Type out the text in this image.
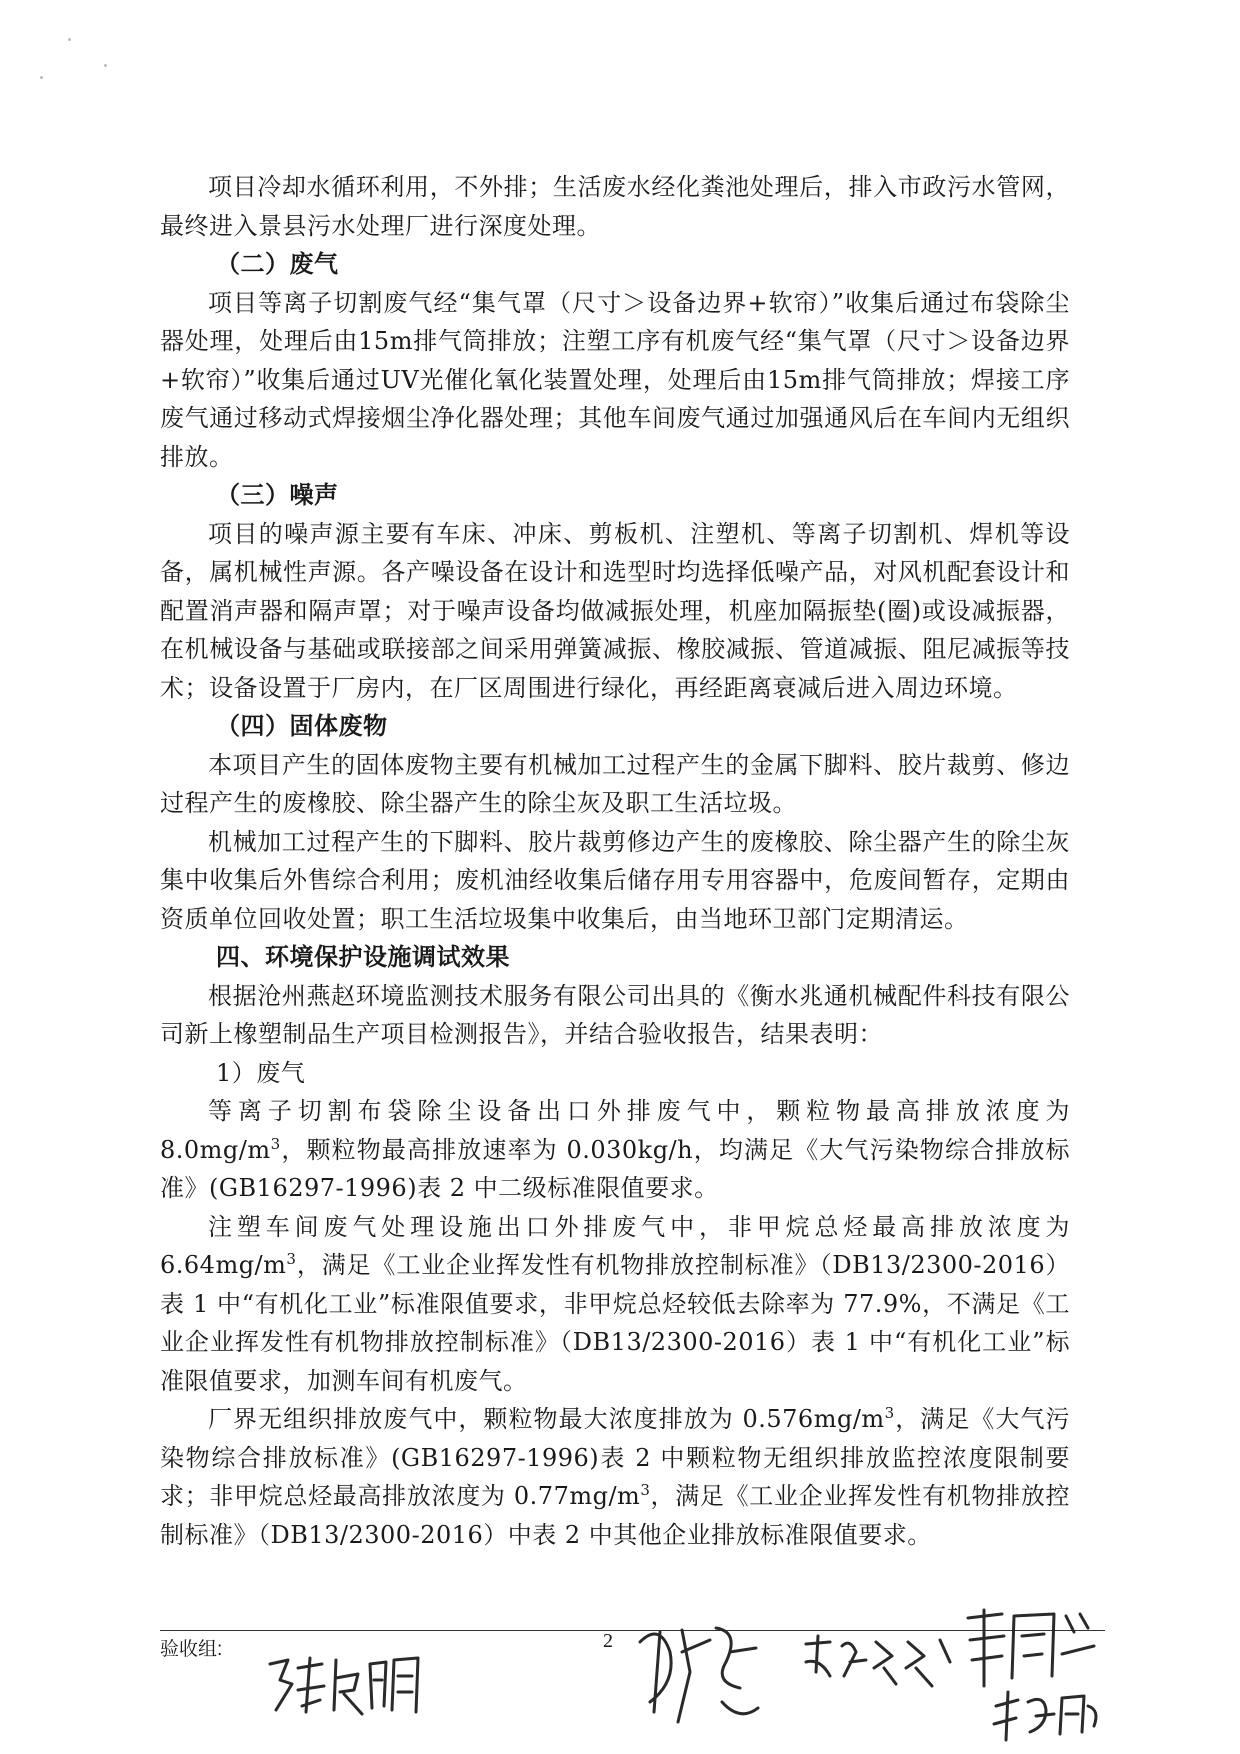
项目冷却水循环利用，不外排；生活废水经化粪池处理后，排入市政污水管网，最终进入景县污水处理厂进行深度处理。

（二）废气

项目等离子切割废气经“集气罩（尺寸＞设备边界+软帘）”收集后通过布袋除尘器处理，处理后由15m排气筒排放；注塑工序有机废气经“集气罩（尺寸＞设备边界+软帘）”收集后通过UV光催化氧化装置处理，处理后由15m排气筒排放；焊接工序废气通过移动式焊接烟尘净化器处理；其他车间废气通过加强通风后在车间内无组织排放。

（三）噪声

项目的噪声源主要有车床、冲床、剪板机、注塑机、等离子切割机、焊机等设备，属机械性声源。各产噪设备在设计和选型时均选择低噪产品，对风机配套设计和配置消声器和隔声罩；对于噪声设备均做减振处理，机座加隔振垫(圈)或设减振器，在机械设备与基础或联接部之间采用弹簧减振、橡胶减振、管道减振、阻尼减振等技术；设备设置于厂房内，在厂区周围进行绿化，再经距离衰减后进入周边环境。

（四）固体废物

本项目产生的固体废物主要有机械加工过程产生的金属下脚料、胶片裁剪、修边过程产生的废橡胶、除尘器产生的除尘灰及职工生活垃圾。

机械加工过程产生的下脚料、胶片裁剪修边产生的废橡胶、除尘器产生的除尘灰集中收集后外售综合利用；废机油经收集后储存用专用容器中，危废间暂存，定期由资质单位回收处置；职工生活垃圾集中收集后，由当地环卫部门定期清运。

四、环境保护设施调试效果

根据沧州燕赵环境监测技术服务有限公司出具的《衡水兆通机械配件科技有限公司新上橡塑制品生产项目检测报告》，并结合验收报告，结果表明：

1）废气

等离子切割布袋除尘设备出口外排废气中，颗粒物最高排放浓度为 $8.0mg/m^3$，颗粒物最高排放速率为 0.030kg/h，均满足《大气污染物综合排放标准》(GB16297-1996)表 2 中二级标准限值要求。

注塑车间废气处理设施出口外排废气中，非甲烷总烃最高排放浓度为 $6.64mg/m^3$，满足《工业企业挥发性有机物排放控制标准》（DB13/2300-2016）表 1 中“有机化工业”标准限值要求，非甲烷总烃较低去除率为 77.9%，不满足《工业企业挥发性有机物排放控制标准》（DB13/2300-2016）表 1 中“有机化工业”标准限值要求，加测车间有机废气。

厂界无组织排放废气中，颗粒物最大浓度排放为 $0.576mg/m^3$，满足《大气污染物综合排放标准》(GB16297-1996)表 2 中颗粒物无组织排放监控浓度限制要求；非甲烷总烃最高排放浓度为 $0.77mg/m^3$，满足《工业企业挥发性有机物排放控制标准》（DB13/2300-2016）中表 2 中其他企业排放标准限值要求。

验收组:	2
